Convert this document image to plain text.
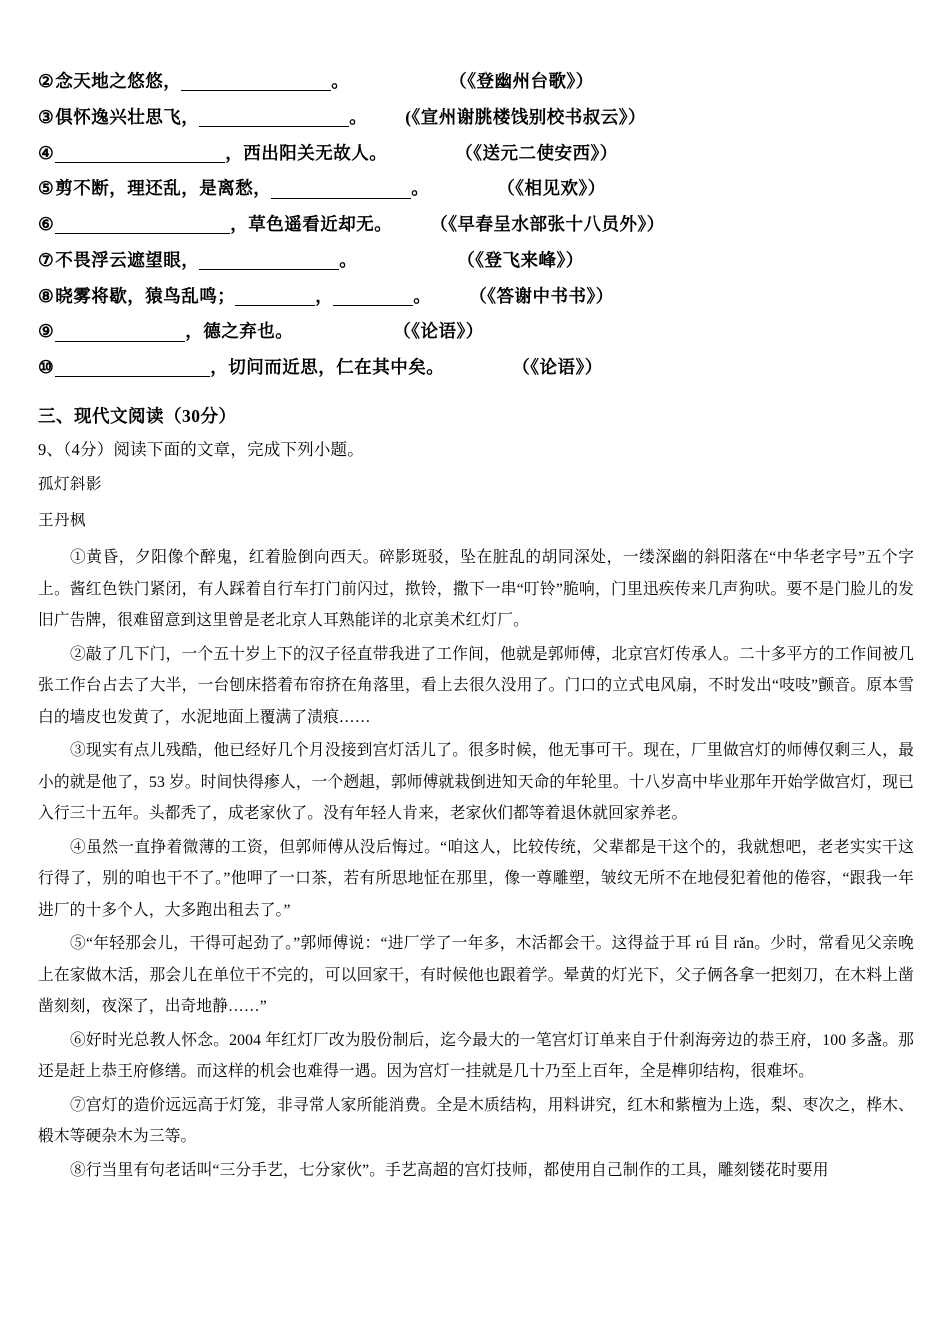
②念天地之悠悠，	。	（《登幽州台歌》）
③俱怀逸兴壮思飞，	。 (《宣州谢朓楼饯别校书叔云》）
④	，西出阳关无故人。	（《送元二使安西》）
⑤剪不断，理还乱，是离愁，	。	（《相见欢》）
⑥	，草色遥看近却无。 （《早春呈水部张十八员外》）
⑦不畏浮云遮望眼，	。	（《登飞来峰》）
⑧晓雾将歇，猿鸟乱鸣；	，	。 （《答谢中书书》）
⑨	，德之弃也。	（《论语》）
⑩	，切问而近思，仁在其中矣。	（《论语》）
三、现代文阅读（30分）
9、（4分）阅读下面的文章，完成下列小题。
孤灯斜影
王丹枫

①黄昏，夕阳像个醉鬼，红着脸倒向西天。碎影斑驳，坠在脏乱的胡同深处，一缕深幽的斜阳落在“中华老字号”五个字上。酱红色铁门紧闭，有人踩着自行车打门前闪过，揿铃，撒下一串“叮铃”脆响，门里迅疾传来几声狗吠。要不是门脸儿的发旧广告牌，很难留意到这里曾是老北京人耳熟能详的北京美术红灯厂。

②敲了几下门，一个五十岁上下的汉子径直带我进了工作间，他就是郭师傅，北京宫灯传承人。二十多平方的工作间被几张工作台占去了大半，一台刨床搭着布帘挤在角落里，看上去很久没用了。门口的立式电风扇，不时发出“吱吱”颤音。原本雪白的墙皮也发黄了，水泥地面上覆满了渍痕……

③现实有点儿残酷，他已经好几个月没接到宫灯活儿了。很多时候，他无事可干。现在，厂里做宫灯的师傅仅剩三人，最小的就是他了，53 岁。时间快得瘆人，一个趔趄，郭师傅就栽倒进知天命的年轮里。十八岁高中毕业那年开始学做宫灯，现已入行三十五年。头都秃了，成老家伙了。没有年轻人肯来，老家伙们都等着退休就回家养老。

④虽然一直挣着微薄的工资，但郭师傅从没后悔过。“咱这人，比较传统，父辈都是干这个的，我就想吧，老老实实干这行得了，别的咱也干不了。”他呷了一口茶，若有所思地怔在那里，像一尊雕塑，皱纹无所不在地侵犯着他的倦容，“跟我一年进厂的十多个人，大多跑出租去了。”

⑤“年轻那会儿，干得可起劲了。”郭师傅说：“进厂学了一年多，木活都会干。这得益于耳 rú 目 rǎn。少时，常看见父亲晚上在家做木活，那会儿在单位干不完的，可以回家干，有时候他也跟着学。晕黄的灯光下，父子俩各拿一把刻刀，在木料上凿凿刻刻，夜深了，出奇地静……”

⑥好时光总教人怀念。2004 年红灯厂改为股份制后，迄今最大的一笔宫灯订单来自于什刹海旁边的恭王府，100 多盏。那还是赶上恭王府修缮。而这样的机会也难得一遇。因为宫灯一挂就是几十乃至上百年，全是榫卯结构，很难坏。

⑦宫灯的造价远远高于灯笼，非寻常人家所能消费。全是木质结构，用料讲究，红木和紫檀为上选，梨、枣次之，桦木、椴木等硬杂木为三等。

⑧行当里有句老话叫“三分手艺，七分家伙”。手艺高超的宫灯技师，都使用自己制作的工具，雕刻镂花时要用
